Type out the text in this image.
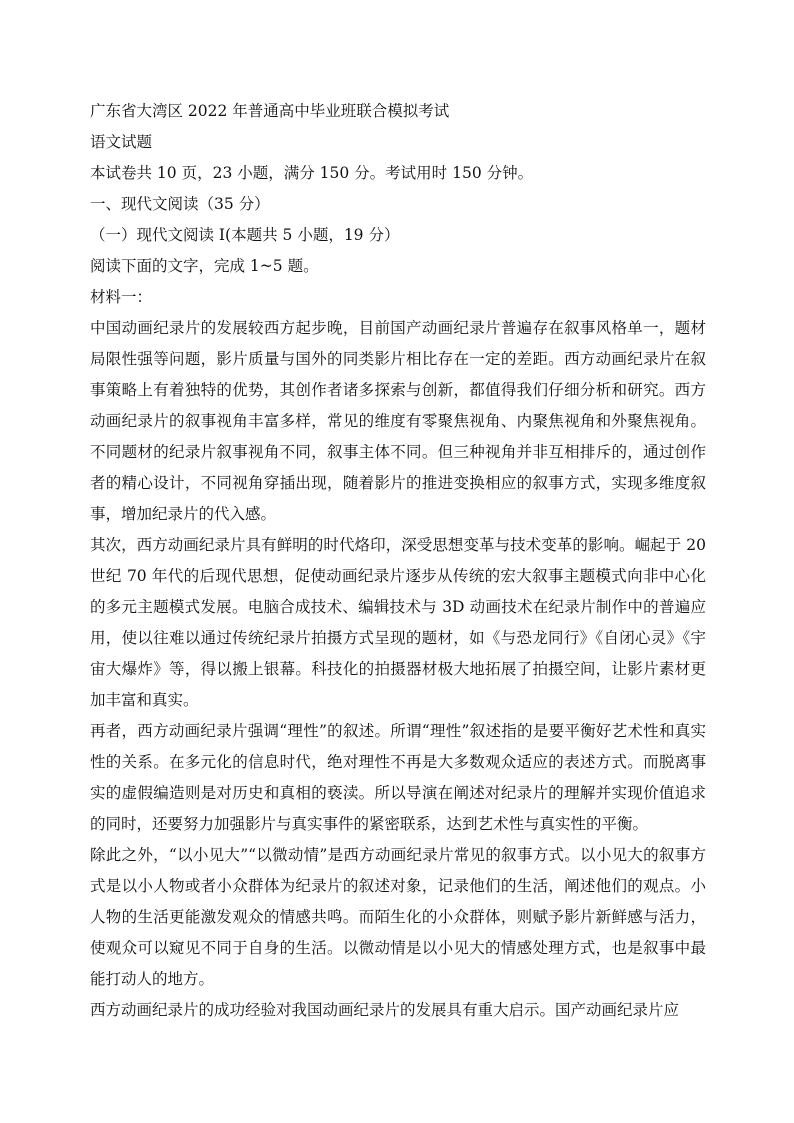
广东省大湾区 2022 年普通高中毕业班联合模拟考试
语文试题
本试卷共 10 页，23 小题，满分 150 分。考试用时 150 分钟。
一、现代文阅读（35 分）
（一）现代文阅读 I(本题共 5 小题，19 分）
阅读下面的文字，完成 1~5 题。
材料一：
中国动画纪录片的发展较西方起步晚，目前国产动画纪录片普遍存在叙事风格单一，题材局限性强等问题，影片质量与国外的同类影片相比存在一定的差距。西方动画纪录片在叙事策略上有着独特的优势，其创作者诸多探索与创新，都值得我们仔细分析和研究。西方动画纪录片的叙事视角丰富多样，常见的维度有零聚焦视角、内聚焦视角和外聚焦视角。不同题材的纪录片叙事视角不同，叙事主体不同。但三种视角并非互相排斥的，通过创作者的精心设计，不同视角穿插出现，随着影片的推进变换相应的叙事方式，实现多维度叙事，增加纪录片的代入感。
其次，西方动画纪录片具有鲜明的时代烙印，深受思想变革与技术变革的影响。崛起于 20 世纪 70 年代的后现代思想，促使动画纪录片逐步从传统的宏大叙事主题模式向非中心化的多元主题模式发展。电脑合成技术、编辑技术与 3D 动画技术在纪录片制作中的普遍应用，使以往难以通过传统纪录片拍摄方式呈现的题材，如《与恐龙同行》《自闭心灵》《宇宙大爆炸》等，得以搬上银幕。科技化的拍摄器材极大地拓展了拍摄空间，让影片素材更加丰富和真实。
再者，西方动画纪录片强调“理性”的叙述。所谓“理性”叙述指的是要平衡好艺术性和真实性的关系。在多元化的信息时代，绝对理性不再是大多数观众适应的表述方式。而脱离事实的虚假编造则是对历史和真相的亵渎。所以导演在阐述对纪录片的理解并实现价值追求的同时，还要努力加强影片与真实事件的紧密联系，达到艺术性与真实性的平衡。
除此之外，“以小见大”“以微动情”是西方动画纪录片常见的叙事方式。以小见大的叙事方式是以小人物或者小众群体为纪录片的叙述对象，记录他们的生活，阐述他们的观点。小人物的生活更能激发观众的情感共鸣。而陌生化的小众群体，则赋予影片新鲜感与活力，使观众可以窥见不同于自身的生活。以微动情是以小见大的情感处理方式，也是叙事中最能打动人的地方。
西方动画纪录片的成功经验对我国动画纪录片的发展具有重大启示。国产动画纪录片应
